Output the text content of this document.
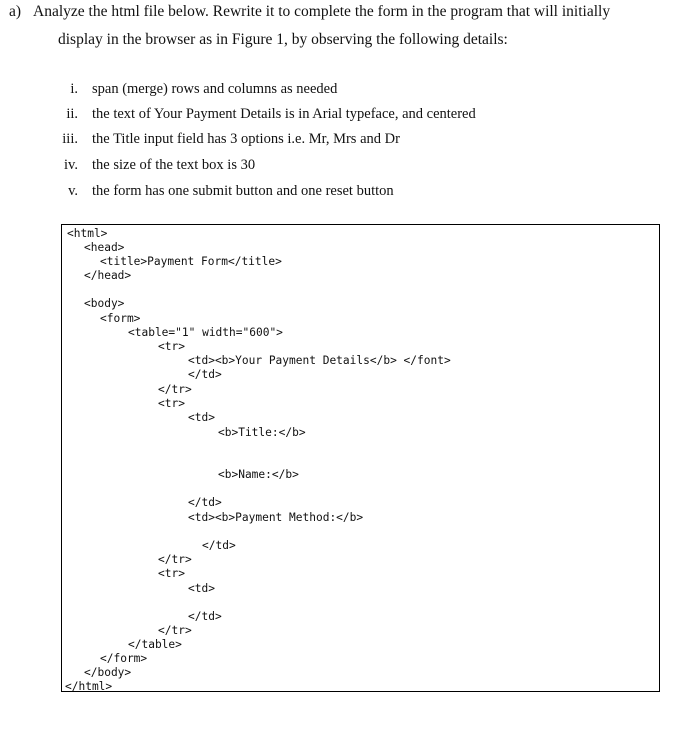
a) Analyze the html file below. Rewrite it to complete the form in the program that will initially
display in the browser as in Figure 1, by observing the following details:
i. span (merge) rows and columns as needed
ii. the text of Your Payment Details is in Arial typeface, and centered
iii. the Title input field has 3 options i.e. Mr, Mrs and Dr
iv. the size of the text box is 30
v. the form has one submit button and one reset button
<html>
<head>
<title>Payment Form</title>
</head>
<body>
<form>
<table="1" width="600">
<tr>
<td><b>Your Payment Details</b> </font>
</td>
</tr>
<tr>
<td>
<b>Title:</b>
<b>Name:</b>
</td>
<td><b>Payment Method:</b>
</td>
</tr>
<tr>
<td>
</td>
</tr>
</table>
</form>
</body>
</html>
